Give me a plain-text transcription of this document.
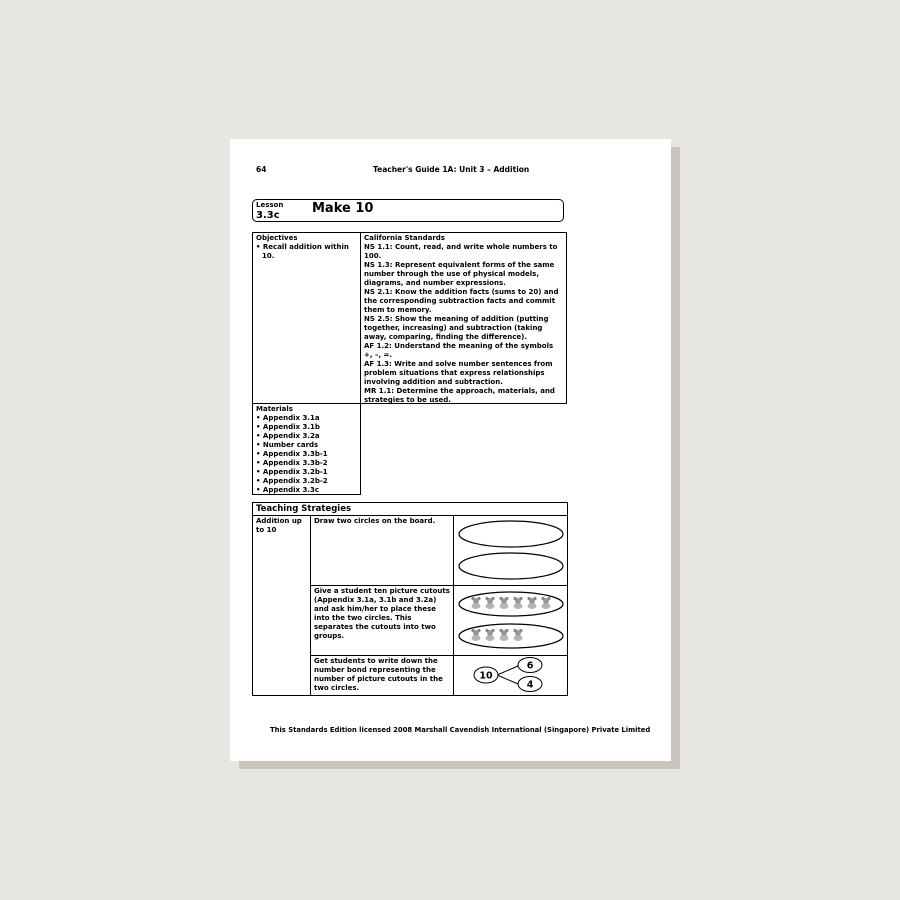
64	Teacher's Guide 1A: Unit 3 – Addition
Lesson
3.3c Make 10
Objectives
• Recall addition within 10.
California Standards

NS 1.1: Count, read, and write whole numbers to 100.

NS 1.3: Represent equivalent forms of the same number through the use of physical models, diagrams, and number expressions.

NS 2.1: Know the addition facts (sums to 20) and the corresponding subtraction facts and commit them to memory.

NS 2.5: Show the meaning of addition (putting together, increasing) and subtraction (taking away, comparing, finding the difference).

AF 1.2: Understand the meaning of the symbols +, –, =.

AF 1.3: Write and solve number sentences from problem situations that express relationships involving addition and subtraction.

MR 1.1: Determine the approach, materials, and strategies to be used.

Materials
• Appendix 3.1a
• Appendix 3.1b
• Appendix 3.2a
• Number cards
• Appendix 3.3b-1
• Appendix 3.3b-2
• Appendix 3.2b-1
• Appendix 3.2b-2
• Appendix 3.3c
Teaching Strategies
Addition up to 10
Draw two circles on the board.
Give a student ten picture cutouts (Appendix 3.1a, 3.1b and 3.2a) and ask him/her to place these into the two circles. This separates the cutouts into two groups.
Get students to write down the number bond representing the number of picture cutouts in the two circles.
10
6
4
This Standards Edition licensed 2008 Marshall Cavendish International (Singapore) Private Limited
